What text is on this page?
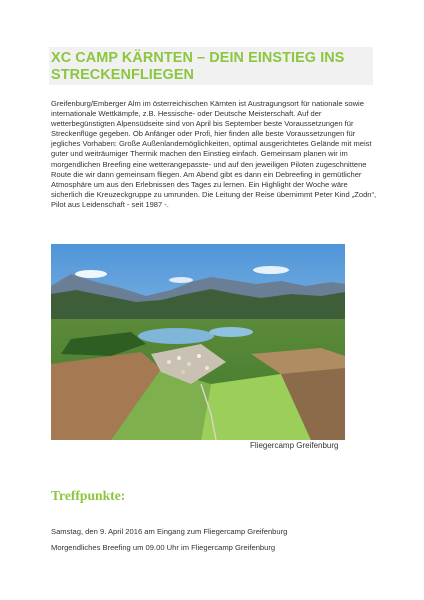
XC CAMP KÄRNTEN – DEIN EINSTIEG INS STRECKENFLIEGEN
Greifenburg/Emberger Alm im österreichischen Kärnten ist Austragungsort für nationale sowie internationale Wettkämpfe, z.B. Hessische- oder Deutsche Meisterschaft. Auf der wetterbegünstigten Alpensüdseite sind von April bis September beste Voraussetzungen für Streckenflüge gegeben. Ob Anfänger oder Profi, hier finden alle beste Voraussetzungen für jegliches Vorhaben: Große Außenlandemöglichkeiten, optimal ausgerichtetes Gelände mit meist guter und weiträumiger Thermik machen den Einstieg einfach. Gemeinsam planen wir im morgendlichen Breefing eine wetterangepasste- und auf den jeweiligen Piloten zugeschnittene Route die wir dann gemeinsam fliegen. Am Abend gibt es dann ein Debreefing in gemütlicher Atmosphäre um aus den Erlebnissen des Tages zu lernen. Ein Highlight der Woche wäre sicherlich die Kreuzeckgruppe zu umrunden. Die Leitung der Reise übernimmt Peter Kind „Zodn“, Pilot aus Leidenschaft - seit 1987 -.
Fliegercamp Greifenburg
Treffpunkte:
Samstag, den 9. April 2016 am Eingang zum Fliegercamp Greifenburg
Morgendliches Breefing um 09.00 Uhr im Fliegercamp Greifenburg
